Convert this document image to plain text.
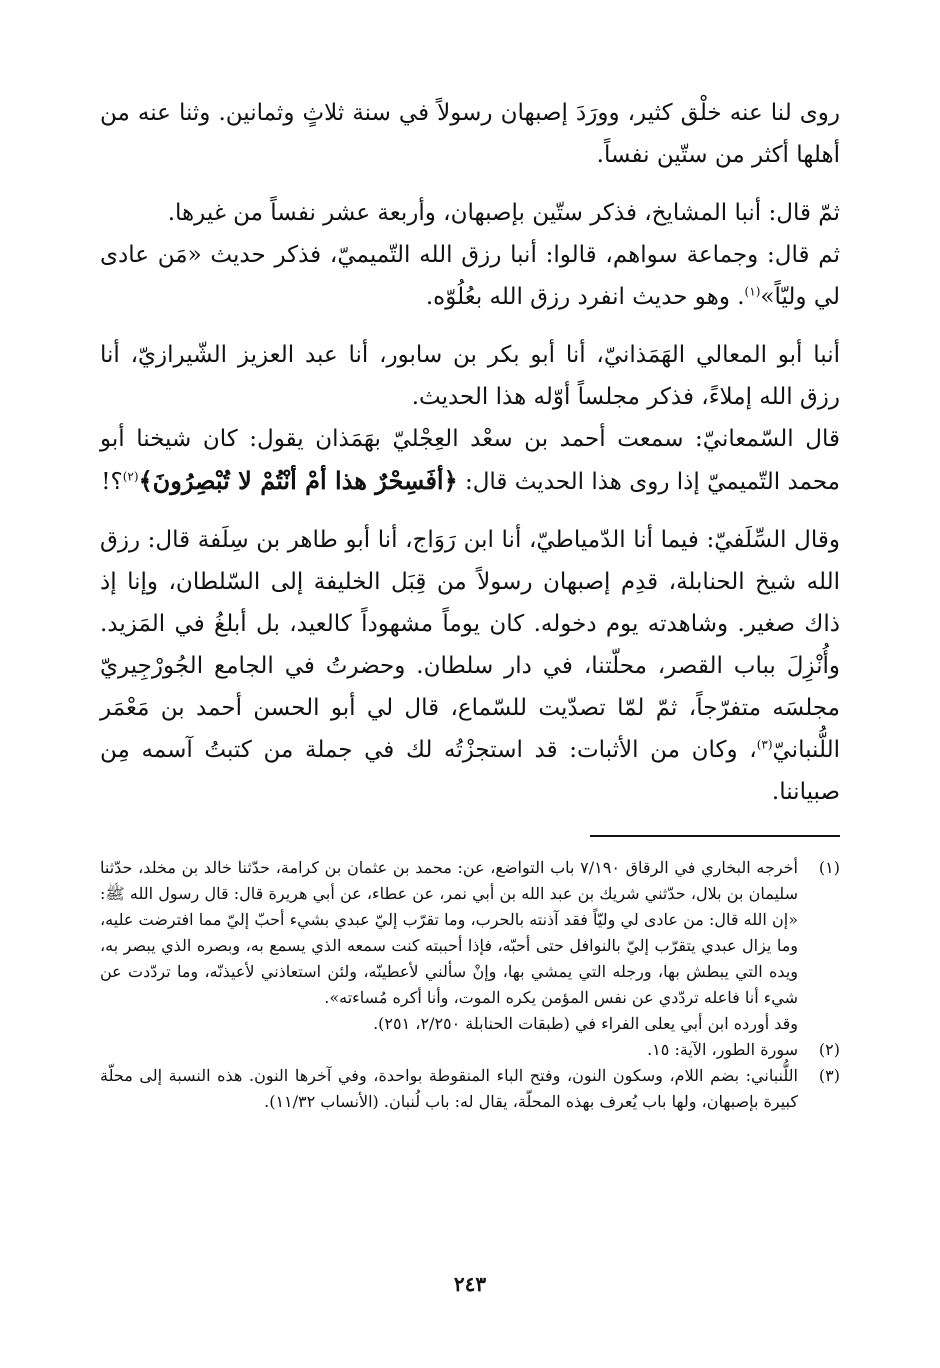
روى لنا عنه خلْق كثير، وورَدَ إصبهان رسولاً في سنة ثلاثٍ وثمانين. وثنا عنه من أهلها أكثر من ستّين نفساً.

ثمّ قال: أنبا المشايخ، فذكر ستّين بإصبهان، وأربعة عشر نفساً من غيرها.

ثم قال: وجماعة سواهم، قالوا: أنبا رزق الله التّميميّ، فذكر حديث «مَن عادى لي وليّاً»$^{(١)}$. وهو حديث انفرد رزق الله بعُلُوّه.

أنبا أبو المعالي الهَمَذانيّ، أنا أبو بكر بن سابور، أنا عبد العزيز الشّيرازيّ، أنا رزق الله إملاءً، فذكر مجلساً أوّله هذا الحديث.

قال السّمعانيّ: سمعت أحمد بن سعْد العِجْليّ بهَمَذان يقول: كان شيخنا أبو محمد التّميميّ إذا روى هذا الحديث قال: ﴿أفَسِحْرٌ هذا أمْ أنْتُمْ لا تُبْصِرُونَ﴾$^{(٢)}$؟!

وقال السِّلَفيّ: فيما أنا الدّمياطيّ، أنا ابن رَوَاج، أنا أبو طاهر بن سِلَفة قال: رزق الله شيخ الحنابلة، قدِم إصبهان رسولاً من قِبَل الخليفة إلى السّلطان، وإنا إذ ذاك صغير. وشاهدته يوم دخوله. كان يوماً مشهوداً كالعيد، بل أبلغُ في المَزيد. وأُنْزِلَ بباب القصر، محلّتنا، في دار سلطان. وحضرتُ في الجامع الجُورْجِيريّ مجلسَه متفرّجاً، ثمّ لمّا تصدّيت للسّماع، قال لي أبو الحسن أحمد بن مَعْمَر اللُّنبانيّ$^{(٣)}$، وكان من الأثبات: قد استجزْتُه لك في جملة من كتبتُ آسمه مِن صبياننا.

(١)

أخرجه البخاري في الرقاق ٧/١٩٠ باب التواضع، عن: محمد بن عثمان بن كرامة، حدّثنا خالد بن مخلد، حدّثنا سليمان بن بلال، حدّثني شريك بن عبد الله بن أبي نمر، عن عطاء، عن أبي هريرة قال: قال رسول الله ﷺ: «إن الله قال: من عادى لي وليّاً فقد آذنته بالحرب، وما تقرّب إليّ عبدي بشيء أحبّ إليّ مما افترضت عليه، وما يزال عبدي يتقرّب إليّ بالنوافل حتى أحبّه، فإذا أحببته كنت سمعه الذي يسمع به، وبصره الذي يبصر به، ويده التي يبطش بها، ورجله التي يمشي بها، وإنْ سألني لأعطينّه، ولئن استعاذني لأعيذنّه، وما تردّدت عن شيء أنا فاعله تردّدي عن نفس المؤمن يكره الموت، وأنا أكره مُساءته».

وقد أورده ابن أبي يعلى الفراء في (طبقات الحنابلة ٢/٢٥٠، ٢٥١).

(٢)

سورة الطور، الآية: ١٥.

(٣)

اللُّنباني: بضم اللام، وسكون النون، وفتح الباء المنقوطة بواحدة، وفي آخرها النون. هذه النسبة إلى محلّة كبيرة بإصبهان، ولها باب يُعرف بهذه المحلّة، يقال له: باب لُنبان. (الأنساب ١١/٣٢).

٢٤٣
